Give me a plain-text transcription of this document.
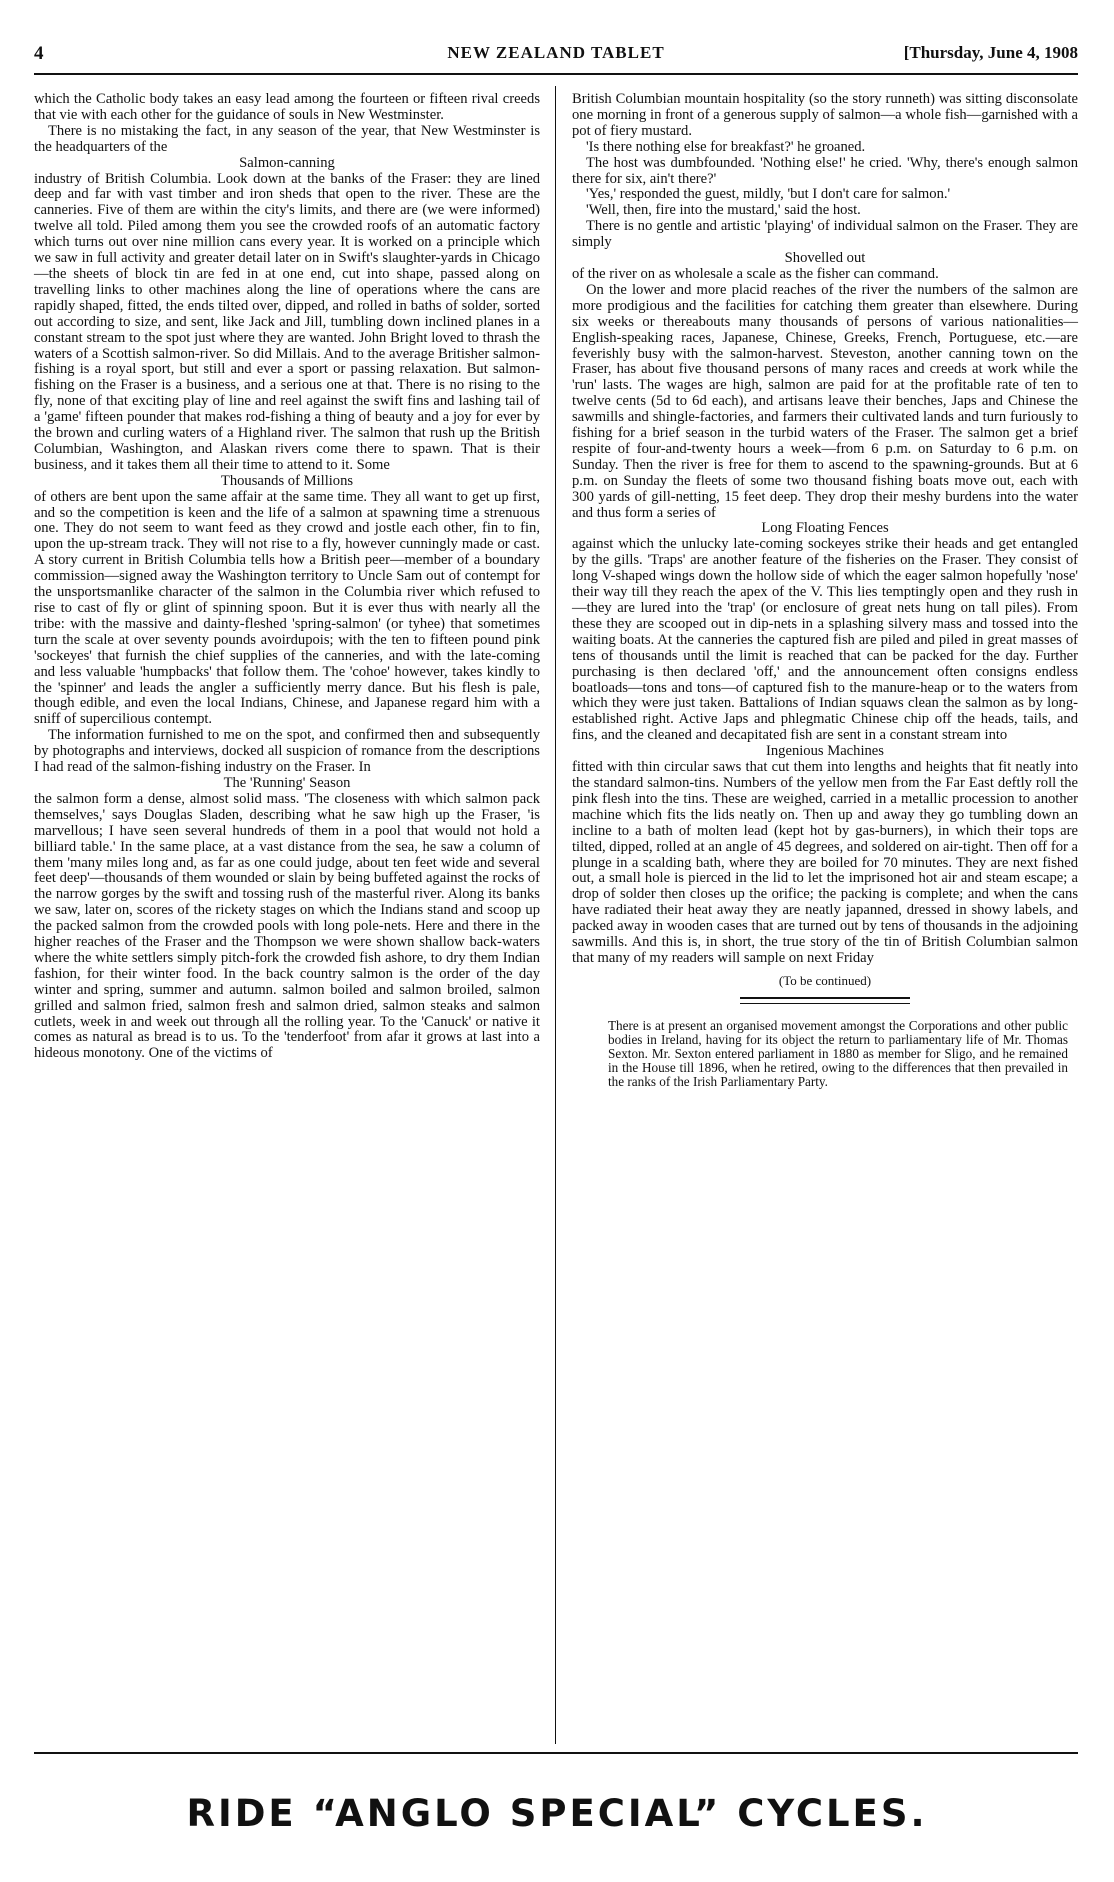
4	NEW ZEALAND TABLET	[Thursday, June 4, 1908

which the Catholic body takes an easy lead among the fourteen or fifteen rival creeds that vie with each other for the guidance of souls in New Westminster.

There is no mistaking the fact, in any season of the year, that New Westminster is the headquarters of the

Salmon-canning

industry of British Columbia. Look down at the banks of the Fraser: they are lined deep and far with vast timber and iron sheds that open to the river. These are the canneries. Five of them are within the city's limits, and there are (we were informed) twelve all told. Piled among them you see the crowded roofs of an automatic factory which turns out over nine million cans every year. It is worked on a principle which we saw in full activity and greater detail later on in Swift's slaughter-yards in Chicago—the sheets of block tin are fed in at one end, cut into shape, passed along on travelling links to other machines along the line of operations where the cans are rapidly shaped, fitted, the ends tilted over, dipped, and rolled in baths of solder, sorted out according to size, and sent, like Jack and Jill, tumbling down inclined planes in a constant stream to the spot just where they are wanted. John Bright loved to thrash the waters of a Scottish salmon-river. So did Millais. And to the average Britisher salmon-fishing is a royal sport, but still and ever a sport or passing relaxation. But salmon-fishing on the Fraser is a business, and a serious one at that. There is no rising to the fly, none of that exciting play of line and reel against the swift fins and lashing tail of a 'game' fifteen pounder that makes rod-fishing a thing of beauty and a joy for ever by the brown and curling waters of a Highland river. The salmon that rush up the British Columbian, Washington, and Alaskan rivers come there to spawn. That is their business, and it takes them all their time to attend to it. Some

Thousands of Millions

of others are bent upon the same affair at the same time. They all want to get up first, and so the competition is keen and the life of a salmon at spawning time a strenuous one. They do not seem to want feed as they crowd and jostle each other, fin to fin, upon the up-stream track. They will not rise to a fly, however cunningly made or cast. A story current in British Columbia tells how a British peer—member of a boundary commission—signed away the Washington territory to Uncle Sam out of contempt for the unsportsmanlike character of the salmon in the Columbia river which refused to rise to cast of fly or glint of spinning spoon. But it is ever thus with nearly all the tribe: with the massive and dainty-fleshed 'spring-salmon' (or tyhee) that sometimes turn the scale at over seventy pounds avoirdupois; with the ten to fifteen pound pink 'sockeyes' that furnish the chief supplies of the canneries, and with the late-coming and less valuable 'humpbacks' that follow them. The 'cohoe' however, takes kindly to the 'spinner' and leads the angler a sufficiently merry dance. But his flesh is pale, though edible, and even the local Indians, Chinese, and Japanese regard him with a sniff of supercilious contempt.

The information furnished to me on the spot, and confirmed then and subsequently by photographs and interviews, docked all suspicion of romance from the descriptions I had read of the salmon-fishing industry on the Fraser. In

The 'Running' Season

the salmon form a dense, almost solid mass. 'The closeness with which salmon pack themselves,' says Douglas Sladen, describing what he saw high up the Fraser, 'is marvellous; I have seen several hundreds of them in a pool that would not hold a billiard table.' In the same place, at a vast distance from the sea, he saw a column of them 'many miles long and, as far as one could judge, about ten feet wide and several feet deep'—thousands of them wounded or slain by being buffeted against the rocks of the narrow gorges by the swift and tossing rush of the masterful river. Along its banks we saw, later on, scores of the rickety stages on which the Indians stand and scoop up the packed salmon from the crowded pools with long pole-nets. Here and there in the higher reaches of the Fraser and the Thompson we were shown shallow back-waters where the white settlers simply pitch-fork the crowded fish ashore, to dry them Indian fashion, for their winter food. In the back country salmon is the order of the day winter and spring, summer and autumn. salmon boiled and salmon broiled, salmon grilled and salmon fried, salmon fresh and salmon dried, salmon steaks and salmon cutlets, week in and week out through all the rolling year. To the 'Canuck' or native it comes as natural as bread is to us. To the 'tenderfoot' from afar it grows at last into a hideous monotony. One of the victims of

British Columbian mountain hospitality (so the story runneth) was sitting disconsolate one morning in front of a generous supply of salmon—a whole fish—garnished with a pot of fiery mustard.

'Is there nothing else for breakfast?' he groaned.

The host was dumbfounded. 'Nothing else!' he cried. 'Why, there's enough salmon there for six, ain't there?'

'Yes,' responded the guest, mildly, 'but I don't care for salmon.'

'Well, then, fire into the mustard,' said the host.

There is no gentle and artistic 'playing' of individual salmon on the Fraser. They are simply

Shovelled out

of the river on as wholesale a scale as the fisher can command.

On the lower and more placid reaches of the river the numbers of the salmon are more prodigious and the facilities for catching them greater than elsewhere. During six weeks or thereabouts many thousands of persons of various nationalities—English-speaking races, Japanese, Chinese, Greeks, French, Portuguese, etc.—are feverishly busy with the salmon-harvest. Steveston, another canning town on the Fraser, has about five thousand persons of many races and creeds at work while the 'run' lasts. The wages are high, salmon are paid for at the profitable rate of ten to twelve cents (5d to 6d each), and artisans leave their benches, Japs and Chinese the sawmills and shingle-factories, and farmers their cultivated lands and turn furiously to fishing for a brief season in the turbid waters of the Fraser. The salmon get a brief respite of four-and-twenty hours a week—from 6 p.m. on Saturday to 6 p.m. on Sunday. Then the river is free for them to ascend to the spawning-grounds. But at 6 p.m. on Sunday the fleets of some two thousand fishing boats move out, each with 300 yards of gill-netting, 15 feet deep. They drop their meshy burdens into the water and thus form a series of

Long Floating Fences

against which the unlucky late-coming sockeyes strike their heads and get entangled by the gills. 'Traps' are another feature of the fisheries on the Fraser. They consist of long V-shaped wings down the hollow side of which the eager salmon hopefully 'nose' their way till they reach the apex of the V. This lies temptingly open and they rush in—they are lured into the 'trap' (or enclosure of great nets hung on tall piles). From these they are scooped out in dip-nets in a splashing silvery mass and tossed into the waiting boats. At the canneries the captured fish are piled and piled in great masses of tens of thousands until the limit is reached that can be packed for the day. Further purchasing is then declared 'off,' and the announcement often consigns endless boatloads—tons and tons—of captured fish to the manure-heap or to the waters from which they were just taken. Battalions of Indian squaws clean the salmon as by long-established right. Active Japs and phlegmatic Chinese chip off the heads, tails, and fins, and the cleaned and decapitated fish are sent in a constant stream into

Ingenious Machines

fitted with thin circular saws that cut them into lengths and heights that fit neatly into the standard salmon-tins. Numbers of the yellow men from the Far East deftly roll the pink flesh into the tins. These are weighed, carried in a metallic procession to another machine which fits the lids neatly on. Then up and away they go tumbling down an incline to a bath of molten lead (kept hot by gas-burners), in which their tops are tilted, dipped, rolled at an angle of 45 degrees, and soldered on air-tight. Then off for a plunge in a scalding bath, where they are boiled for 70 minutes. They are next fished out, a small hole is pierced in the lid to let the imprisoned hot air and steam escape; a drop of solder then closes up the orifice; the packing is complete; and when the cans have radiated their heat away they are neatly japanned, dressed in showy labels, and packed away in wooden cases that are turned out by tens of thousands in the adjoining sawmills. And this is, in short, the true story of the tin of British Columbian salmon that many of my readers will sample on next Friday

(To be continued)

There is at present an organised movement amongst the Corporations and other public bodies in Ireland, having for its object the return to parliamentary life of Mr. Thomas Sexton. Mr. Sexton entered parliament in 1880 as member for Sligo, and he remained in the House till 1896, when he retired, owing to the differences that then prevailed in the ranks of the Irish Parliamentary Party.

RIDE “ANGLO SPECIAL” CYCLES.
